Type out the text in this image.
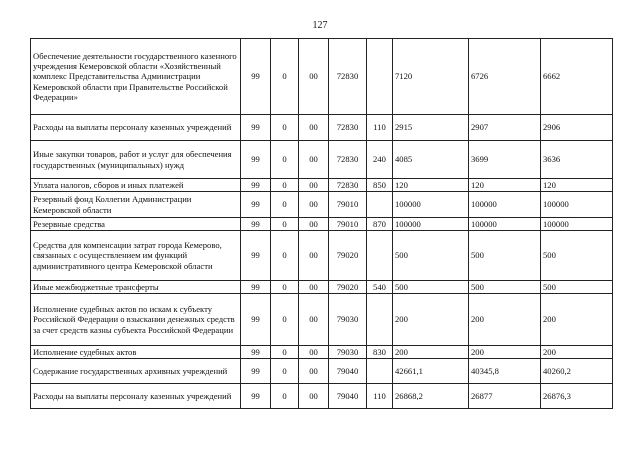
127
Обеспечение деятельности государственного казенного учреждения Кемеровской области «Хозяйственный комплекс Представительства Администрации Кемеровской области при Правительстве Российской Федерации»	99	0	00	72830		7120	6726	6662
Расходы на выплаты персоналу казенных учреждений	99	0	00	72830	110	2915	2907	2906
Иные закупки товаров, работ и услуг для обеспечения государственных (муниципальных) нужд	99	0	00	72830	240	4085	3699	3636
Уплата налогов, сборов и иных платежей	99	0	00	72830	850	120	120	120
Резервный фонд Коллегии Администрации Кемеровской области	99	0	00	79010		100000	100000	100000
Резервные средства	99	0	00	79010	870	100000	100000	100000
Средства для компенсации затрат города Кемерово, связанных с осуществлением им функций административного центра Кемеровской области	99	0	00	79020		500	500	500
Иные межбюджетные трансферты	99	0	00	79020	540	500	500	500
Исполнение судебных актов по искам к субъекту Российской Федерации о взыскании денежных средств за счет средств казны субъекта Российской Федерации	99	0	00	79030		200	200	200
Исполнение судебных актов	99	0	00	79030	830	200	200	200
Содержание государственных архивных учреждений	99	0	00	79040		42661,1	40345,8	40260,2
Расходы на выплаты персоналу казенных учреждений	99	0	00	79040	110	26868,2	26877	26876,3
